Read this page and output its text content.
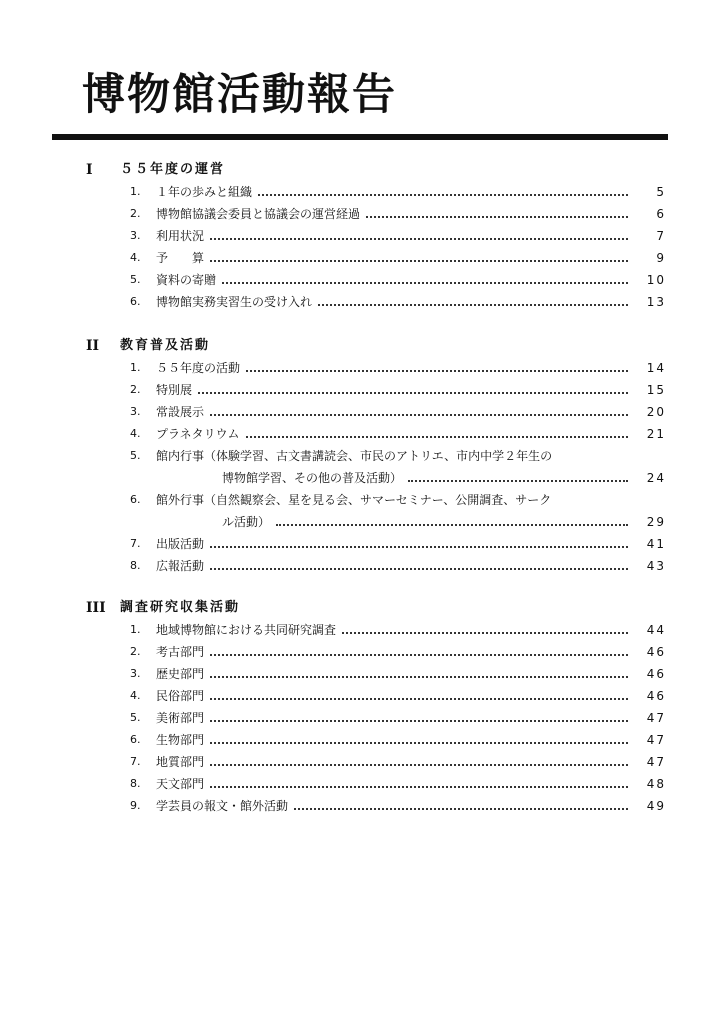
博物館活動報告
I ５５年度の運営
1.	１年の歩みと組織	5
2.	博物館協議会委員と協議会の運営経過	6
3.	利用状況	7
4.	予　　算	9
5.	資料の寄贈	10
6.	博物館実務実習生の受け入れ	13
II 教育普及活動
1.	５５年度の活動	14
2.	特別展	15
3.	常設展示	20
4.	プラネタリウム	21
5.	館内行事（体験学習、古文書講読会、市民のアトリエ、市内中学２年生の
博物館学習、その他の普及活動）	24
6.	館外行事（自然観察会、星を見る会、サマーセミナー、公開調査、サーク
ル活動）	29
7.	出版活動	41
8.	広報活動	43
III 調査研究収集活動
1.	地域博物館における共同研究調査	44
2.	考古部門	46
3.	歴史部門	46
4.	民俗部門	46
5.	美術部門	47
6.	生物部門	47
7.	地質部門	47
8.	天文部門	48
9.	学芸員の報文・館外活動	49
